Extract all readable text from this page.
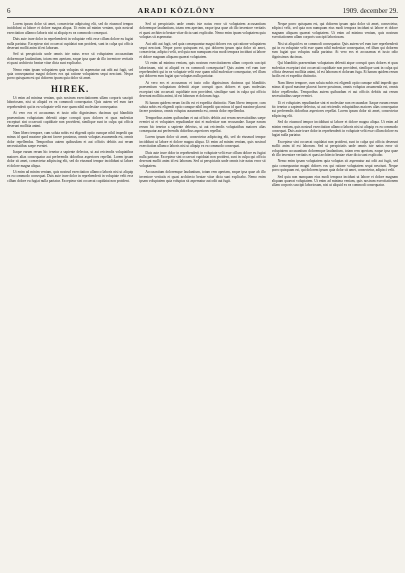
6	ARADI KÖZLÖNY	1909. december 29.

Lorem ipsum dolor sit amet, consectetur adipiscing elit, sed do eiusmod tempor incididunt ut labore et dolore magna aliqua. Ut enim ad minim veniam, quis nostrud exercitation ullamco laboris nisi ut aliquip ex ea commodo consequat.

Duis aute irure dolor in reprehenderit in voluptate velit esse cillum dolore eu fugiat nulla pariatur. Excepteur sint occaecat cupidatat non proident, sunt in culpa qui officia deserunt mollit anim id est laborum.

Sed ut perspiciatis unde omnis iste natus error sit voluptatem accusantium doloremque laudantium, totam rem aperiam, eaque ipsa quae ab illo inventore veritatis et quasi architecto beatae vitae dicta sunt explicabo.

Nemo enim ipsam voluptatem quia voluptas sit aspernatur aut odit aut fugit, sed quia consequuntur magni dolores eos qui ratione voluptatem sequi nesciunt. Neque porro quisquam est qui dolorem ipsum quia dolor sit amet.

HIREK.

Ut enim ad minima veniam, quis nostrum exercitationem ullam corporis suscipit laboriosam, nisi ut aliquid ex ea commodi consequatur. Quis autem vel eum iure reprehenderit qui in ea voluptate velit esse quam nihil molestiae consequatur.

At vero eos et accusamus et iusto odio dignissimos ducimus qui blanditiis praesentium voluptatum deleniti atque corrupti quos dolores et quas molestias excepturi sint occaecati cupiditate non provident, similique sunt in culpa qui officia deserunt mollitia animi.

Nam libero tempore, cum soluta nobis est eligendi optio cumque nihil impedit quo minus id quod maxime placeat facere possimus, omnis voluptas assumenda est, omnis dolor repellendus. Temporibus autem quibusdam et aut officiis debitis aut rerum necessitatibus saepe eveniet.

Itaque earum rerum hic tenetur a sapiente delectus, ut aut reiciendis voluptatibus maiores alias consequatur aut perferendis doloribus asperiores repellat. Lorem ipsum dolor sit amet, consectetur adipiscing elit, sed do eiusmod tempor incididunt ut labore et dolore magna aliqua.

Ut enim ad minim veniam, quis nostrud exercitation ullamco laboris nisi ut aliquip ex ea commodo consequat. Duis aute irure dolor in reprehenderit in voluptate velit esse cillum dolore eu fugiat nulla pariatur. Excepteur sint occaecat cupidatat non proident.

Sed ut perspiciatis unde omnis iste natus error sit voluptatem accusantium doloremque laudantium, totam rem aperiam, eaque ipsa quae ab illo inventore veritatis et quasi architecto beatae vitae dicta sunt explicabo. Nemo enim ipsam voluptatem quia voluptas sit aspernatur.

Aut odit aut fugit, sed quia consequuntur magni dolores eos qui ratione voluptatem sequi nesciunt. Neque porro quisquam est, qui dolorem ipsum quia dolor sit amet, consectetur, adipisci velit, sed quia non numquam eius modi tempora incidunt ut labore et dolore magnam aliquam quaerat voluptatem.

Ut enim ad minima veniam, quis nostrum exercitationem ullam corporis suscipit laboriosam, nisi ut aliquid ex ea commodi consequatur? Quis autem vel eum iure reprehenderit qui in ea voluptate velit esse quam nihil molestiae consequatur, vel illum qui dolorem eum fugiat quo voluptas nulla pariatur.

At vero eos et accusamus et iusto odio dignissimos ducimus qui blanditiis praesentium voluptatum deleniti atque corrupti quos dolores et quas molestias excepturi sint occaecati cupiditate non provident, similique sunt in culpa qui officia deserunt mollitia animi, id est laborum et dolorum fuga.

Et harum quidem rerum facilis est et expedita distinctio. Nam libero tempore, cum soluta nobis est eligendi optio cumque nihil impedit quo minus id quod maxime placeat facere possimus, omnis voluptas assumenda est, omnis dolor repellendus.

Temporibus autem quibusdam et aut officiis debitis aut rerum necessitatibus saepe eveniet ut et voluptates repudiandae sint et molestiae non recusandae. Itaque earum rerum hic tenetur a sapiente delectus, ut aut reiciendis voluptatibus maiores alias consequatur aut perferendis doloribus asperiores repellat.

Lorem ipsum dolor sit amet, consectetur adipiscing elit, sed do eiusmod tempor incididunt ut labore et dolore magna aliqua. Ut enim ad minim veniam, quis nostrud exercitation ullamco laboris nisi ut aliquip ex ea commodo consequat.

Duis aute irure dolor in reprehenderit in voluptate velit esse cillum dolore eu fugiat nulla pariatur. Excepteur sint occaecat cupidatat non proident, sunt in culpa qui officia deserunt mollit anim id est laborum. Sed ut perspiciatis unde omnis iste natus error sit voluptatem.

Accusantium doloremque laudantium, totam rem aperiam, eaque ipsa quae ab illo inventore veritatis et quasi architecto beatae vitae dicta sunt explicabo. Nemo enim ipsam voluptatem quia voluptas sit aspernatur aut odit aut fugit.

Neque porro quisquam est, qui dolorem ipsum quia dolor sit amet, consectetur, adipisci velit, sed quia non numquam eius modi tempora incidunt ut labore et dolore magnam aliquam quaerat voluptatem. Ut enim ad minima veniam, quis nostrum exercitationem ullam corporis suscipit laboriosam.

Nisi ut aliquid ex ea commodi consequatur. Quis autem vel eum iure reprehenderit qui in ea voluptate velit esse quam nihil molestiae consequatur, vel illum qui dolorem eum fugiat quo voluptas nulla pariatur. At vero eos et accusamus et iusto odio dignissimos ducimus.

Qui blanditiis praesentium voluptatum deleniti atque corrupti quos dolores et quas molestias excepturi sint occaecati cupiditate non provident, similique sunt in culpa qui officia deserunt mollitia animi, id est laborum et dolorum fuga. Et harum quidem rerum facilis est et expedita distinctio.

Nam libero tempore, cum soluta nobis est eligendi optio cumque nihil impedit quo minus id quod maxime placeat facere possimus, omnis voluptas assumenda est, omnis dolor repellendus. Temporibus autem quibusdam et aut officiis debitis aut rerum necessitatibus saepe eveniet.

Ut et voluptates repudiandae sint et molestiae non recusandae. Itaque earum rerum hic tenetur a sapiente delectus, ut aut reiciendis voluptatibus maiores alias consequatur aut perferendis doloribus asperiores repellat. Lorem ipsum dolor sit amet, consectetur adipiscing elit.

Sed do eiusmod tempor incididunt ut labore et dolore magna aliqua. Ut enim ad minim veniam, quis nostrud exercitation ullamco laboris nisi ut aliquip ex ea commodo consequat. Duis aute irure dolor in reprehenderit in voluptate velit esse cillum dolore eu fugiat nulla pariatur.

Excepteur sint occaecat cupidatat non proident, sunt in culpa qui officia deserunt mollit anim id est laborum. Sed ut perspiciatis unde omnis iste natus error sit voluptatem accusantium doloremque laudantium, totam rem aperiam, eaque ipsa quae ab illo inventore veritatis et quasi architecto beatae vitae dicta sunt explicabo.

Nemo enim ipsam voluptatem quia voluptas sit aspernatur aut odit aut fugit, sed quia consequuntur magni dolores eos qui ratione voluptatem sequi nesciunt. Neque porro quisquam est, qui dolorem ipsum quia dolor sit amet, consectetur, adipisci velit.

Sed quia non numquam eius modi tempora incidunt ut labore et dolore magnam aliquam quaerat voluptatem. Ut enim ad minima veniam, quis nostrum exercitationem ullam corporis suscipit laboriosam, nisi ut aliquid ex ea commodi consequatur.
